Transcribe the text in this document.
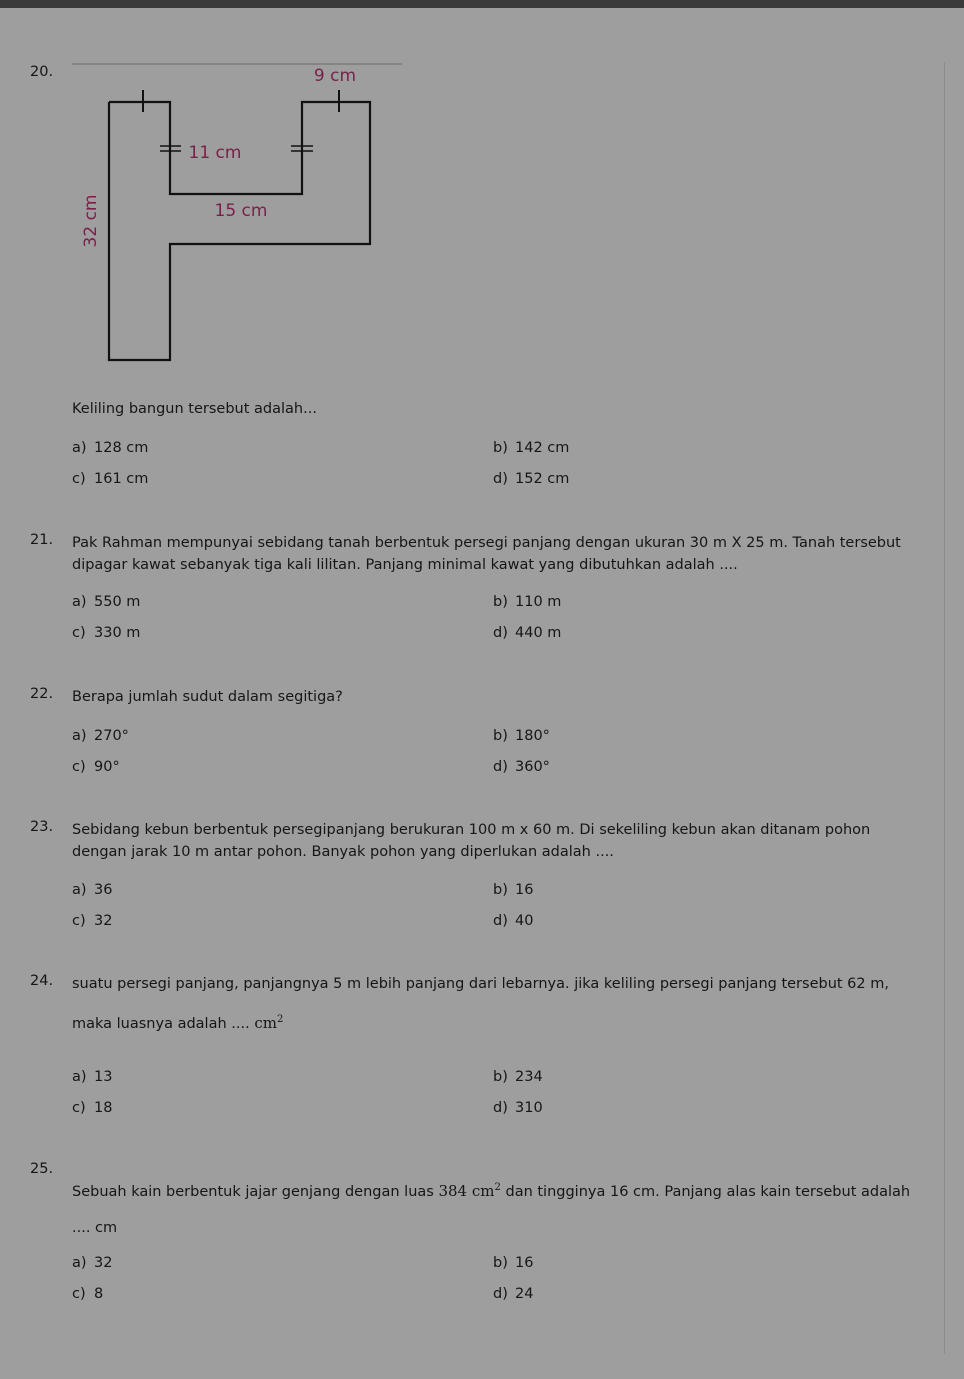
20.	9 cm
11 cm
15 cm
32 cm
Keliling bangun tersebut adalah...
a) 128 cm	b) 142 cm
c) 161 cm	d) 152 cm
21. Pak Rahman mempunyai sebidang tanah berbentuk persegi panjang dengan ukuran 30 m X 25 m. Tanah tersebut
dipagar kawat sebanyak tiga kali lilitan. Panjang minimal kawat yang dibutuhkan adalah ....
a) 550 m	b) 110 m
c) 330 m	d) 440 m
22. Berapa jumlah sudut dalam segitiga?
a) 270°	b) 180°
c) 90°	d) 360°
23. Sebidang kebun berbentuk persegipanjang berukuran 100 m x 60 m. Di sekeliling kebun akan ditanam pohon
dengan jarak 10 m antar pohon. Banyak pohon yang diperlukan adalah ....
a) 36	b) 16
c) 32	d) 40
24. suatu persegi panjang, panjangnya 5 m lebih panjang dari lebarnya. jika keliling persegi panjang tersebut 62 m,
maka luasnya adalah .... $cm^2$
a) 13	b) 234
c) 18	d) 310
25.
Sebuah kain berbentuk jajar genjang dengan luas 384 $cm^2$ dan tingginya 16 cm. Panjang alas kain tersebut adalah
.... cm
a) 32	b) 16
c) 8	d) 24
